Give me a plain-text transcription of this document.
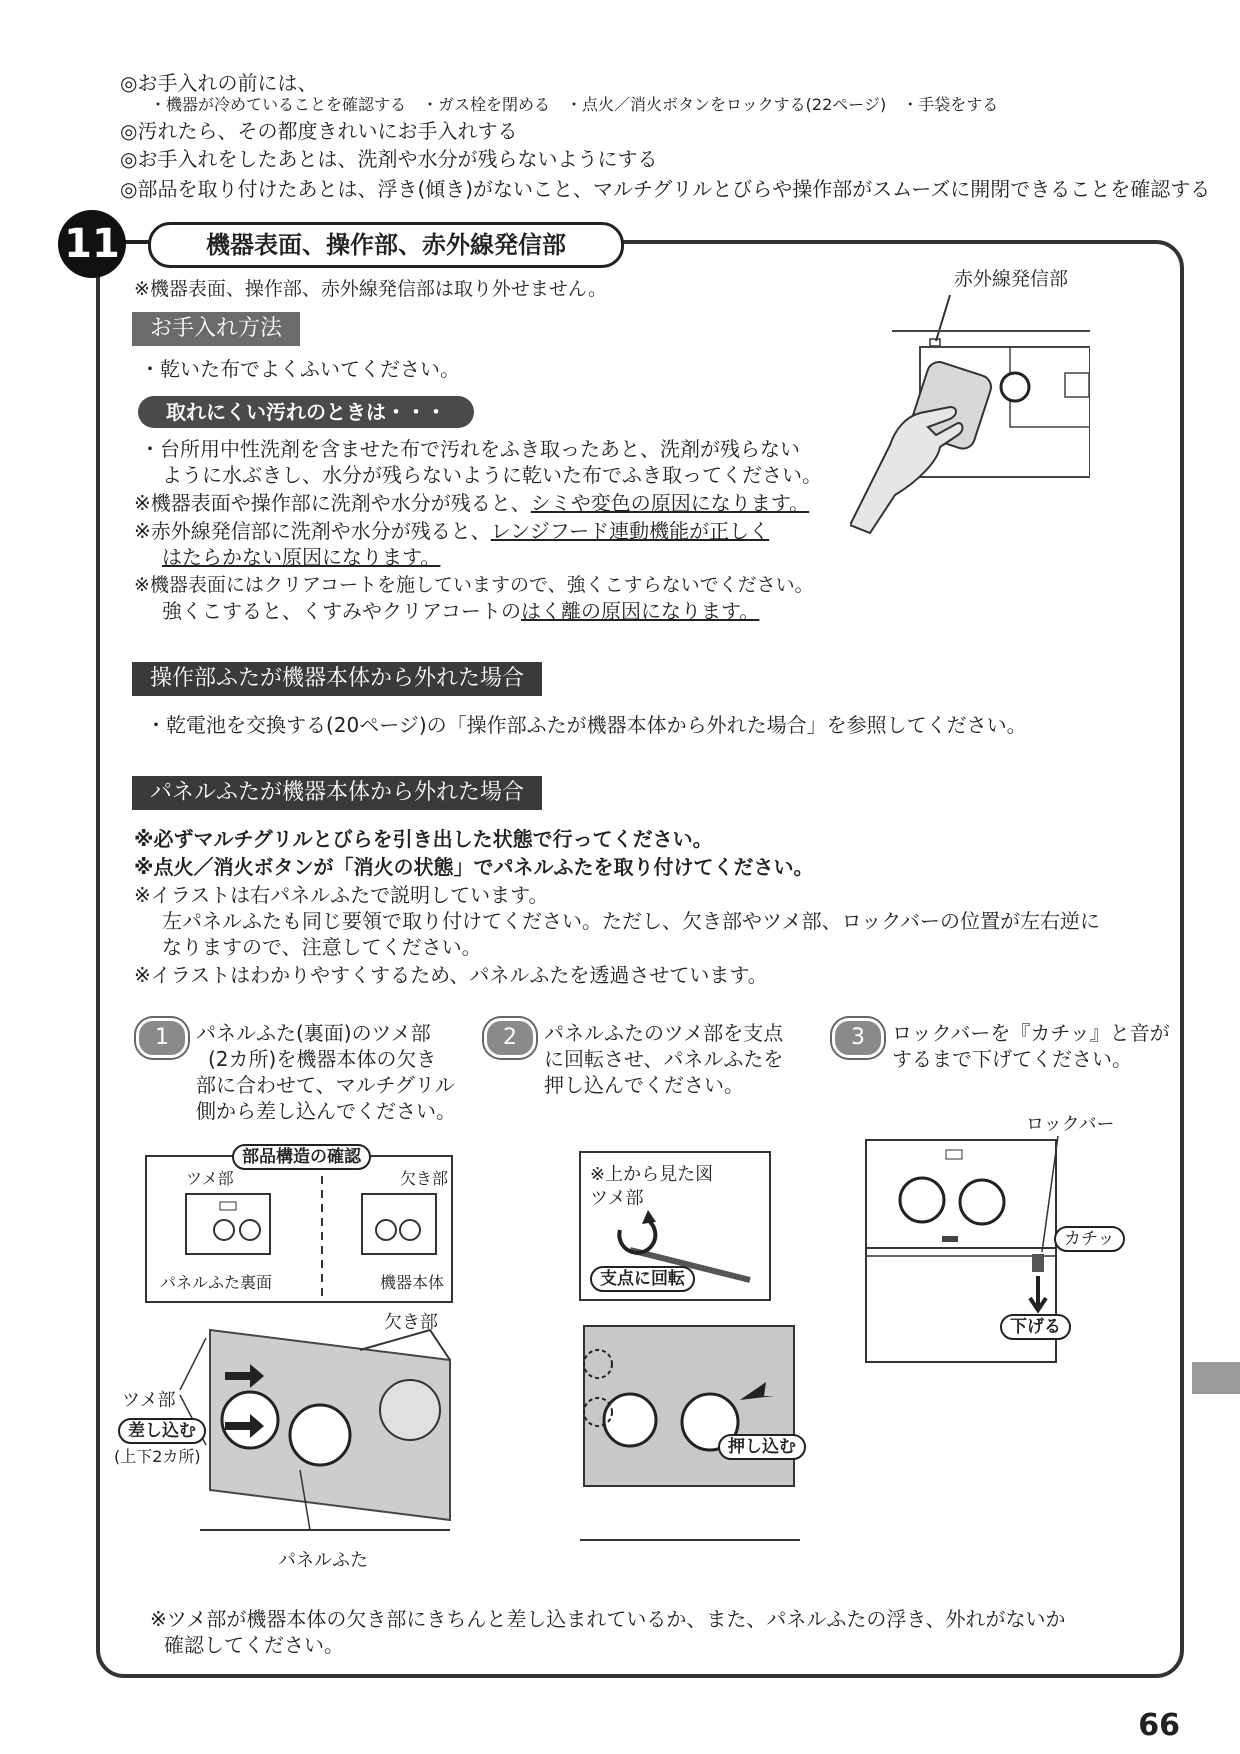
◎お手入れの前には、
・機器が冷めていることを確認する　・ガス栓を閉める　・点火／消火ボタンをロックする(22ページ)　・手袋をする
◎汚れたら、その都度きれいにお手入れする
◎お手入れをしたあとは、洗剤や水分が残らないようにする
◎部品を取り付けたあとは、浮き(傾き)がないこと、マルチグリルとびらや操作部がスムーズに開閉できることを確認する
11	機器表面、操作部、赤外線発信部
※機器表面、操作部、赤外線発信部は取り外せません。
お手入れ方法
・乾いた布でよくふいてください。
取れにくい汚れのときは・・・
・台所用中性洗剤を含ませた布で汚れをふき取ったあと、洗剤が残らない
ように水ぶきし、水分が残らないように乾いた布でふき取ってください。
※機器表面や操作部に洗剤や水分が残ると、シミや変色の原因になります。
※赤外線発信部に洗剤や水分が残ると、レンジフード連動機能が正しく
はたらかない原因になります。
※機器表面にはクリアコートを施していますので、強くこすらないでください。
強くこすると、くすみやクリアコートのはく離の原因になります。
赤外線発信部
操作部ふたが機器本体から外れた場合
・乾電池を交換する(20ページ)の「操作部ふたが機器本体から外れた場合」を参照してください。
パネルふたが機器本体から外れた場合
※必ずマルチグリルとびらを引き出した状態で行ってください。
※点火／消火ボタンが「消火の状態」でパネルふたを取り付けてください。
※イラストは右パネルふたで説明しています。
左パネルふたも同じ要領で取り付けてください。ただし、欠き部やツメ部、ロックバーの位置が左右逆に
なりますので、注意してください。
※イラストはわかりやすくするため、パネルふたを透過させています。
1	パネルふた(裏面)のツメ部
(2カ所)を機器本体の欠き
部に合わせて、マルチグリル
側から差し込んでください。
2	パネルふたのツメ部を支点
に回転させ、パネルふたを
押し込んでください。
3	ロックバーを『カチッ』と音が
するまで下げてください。
部品構造の確認
ツメ部	欠き部
パネルふた裏面	機器本体
欠き部
ツメ部
差し込む
(上下2カ所)
パネルふた
※上から見た図
ツメ部
支点に回転
押し込む
ロックバー
カチッ
下げる
※ツメ部が機器本体の欠き部にきちんと差し込まれているか、また、パネルふたの浮き、外れがないか
確認してください。
66
